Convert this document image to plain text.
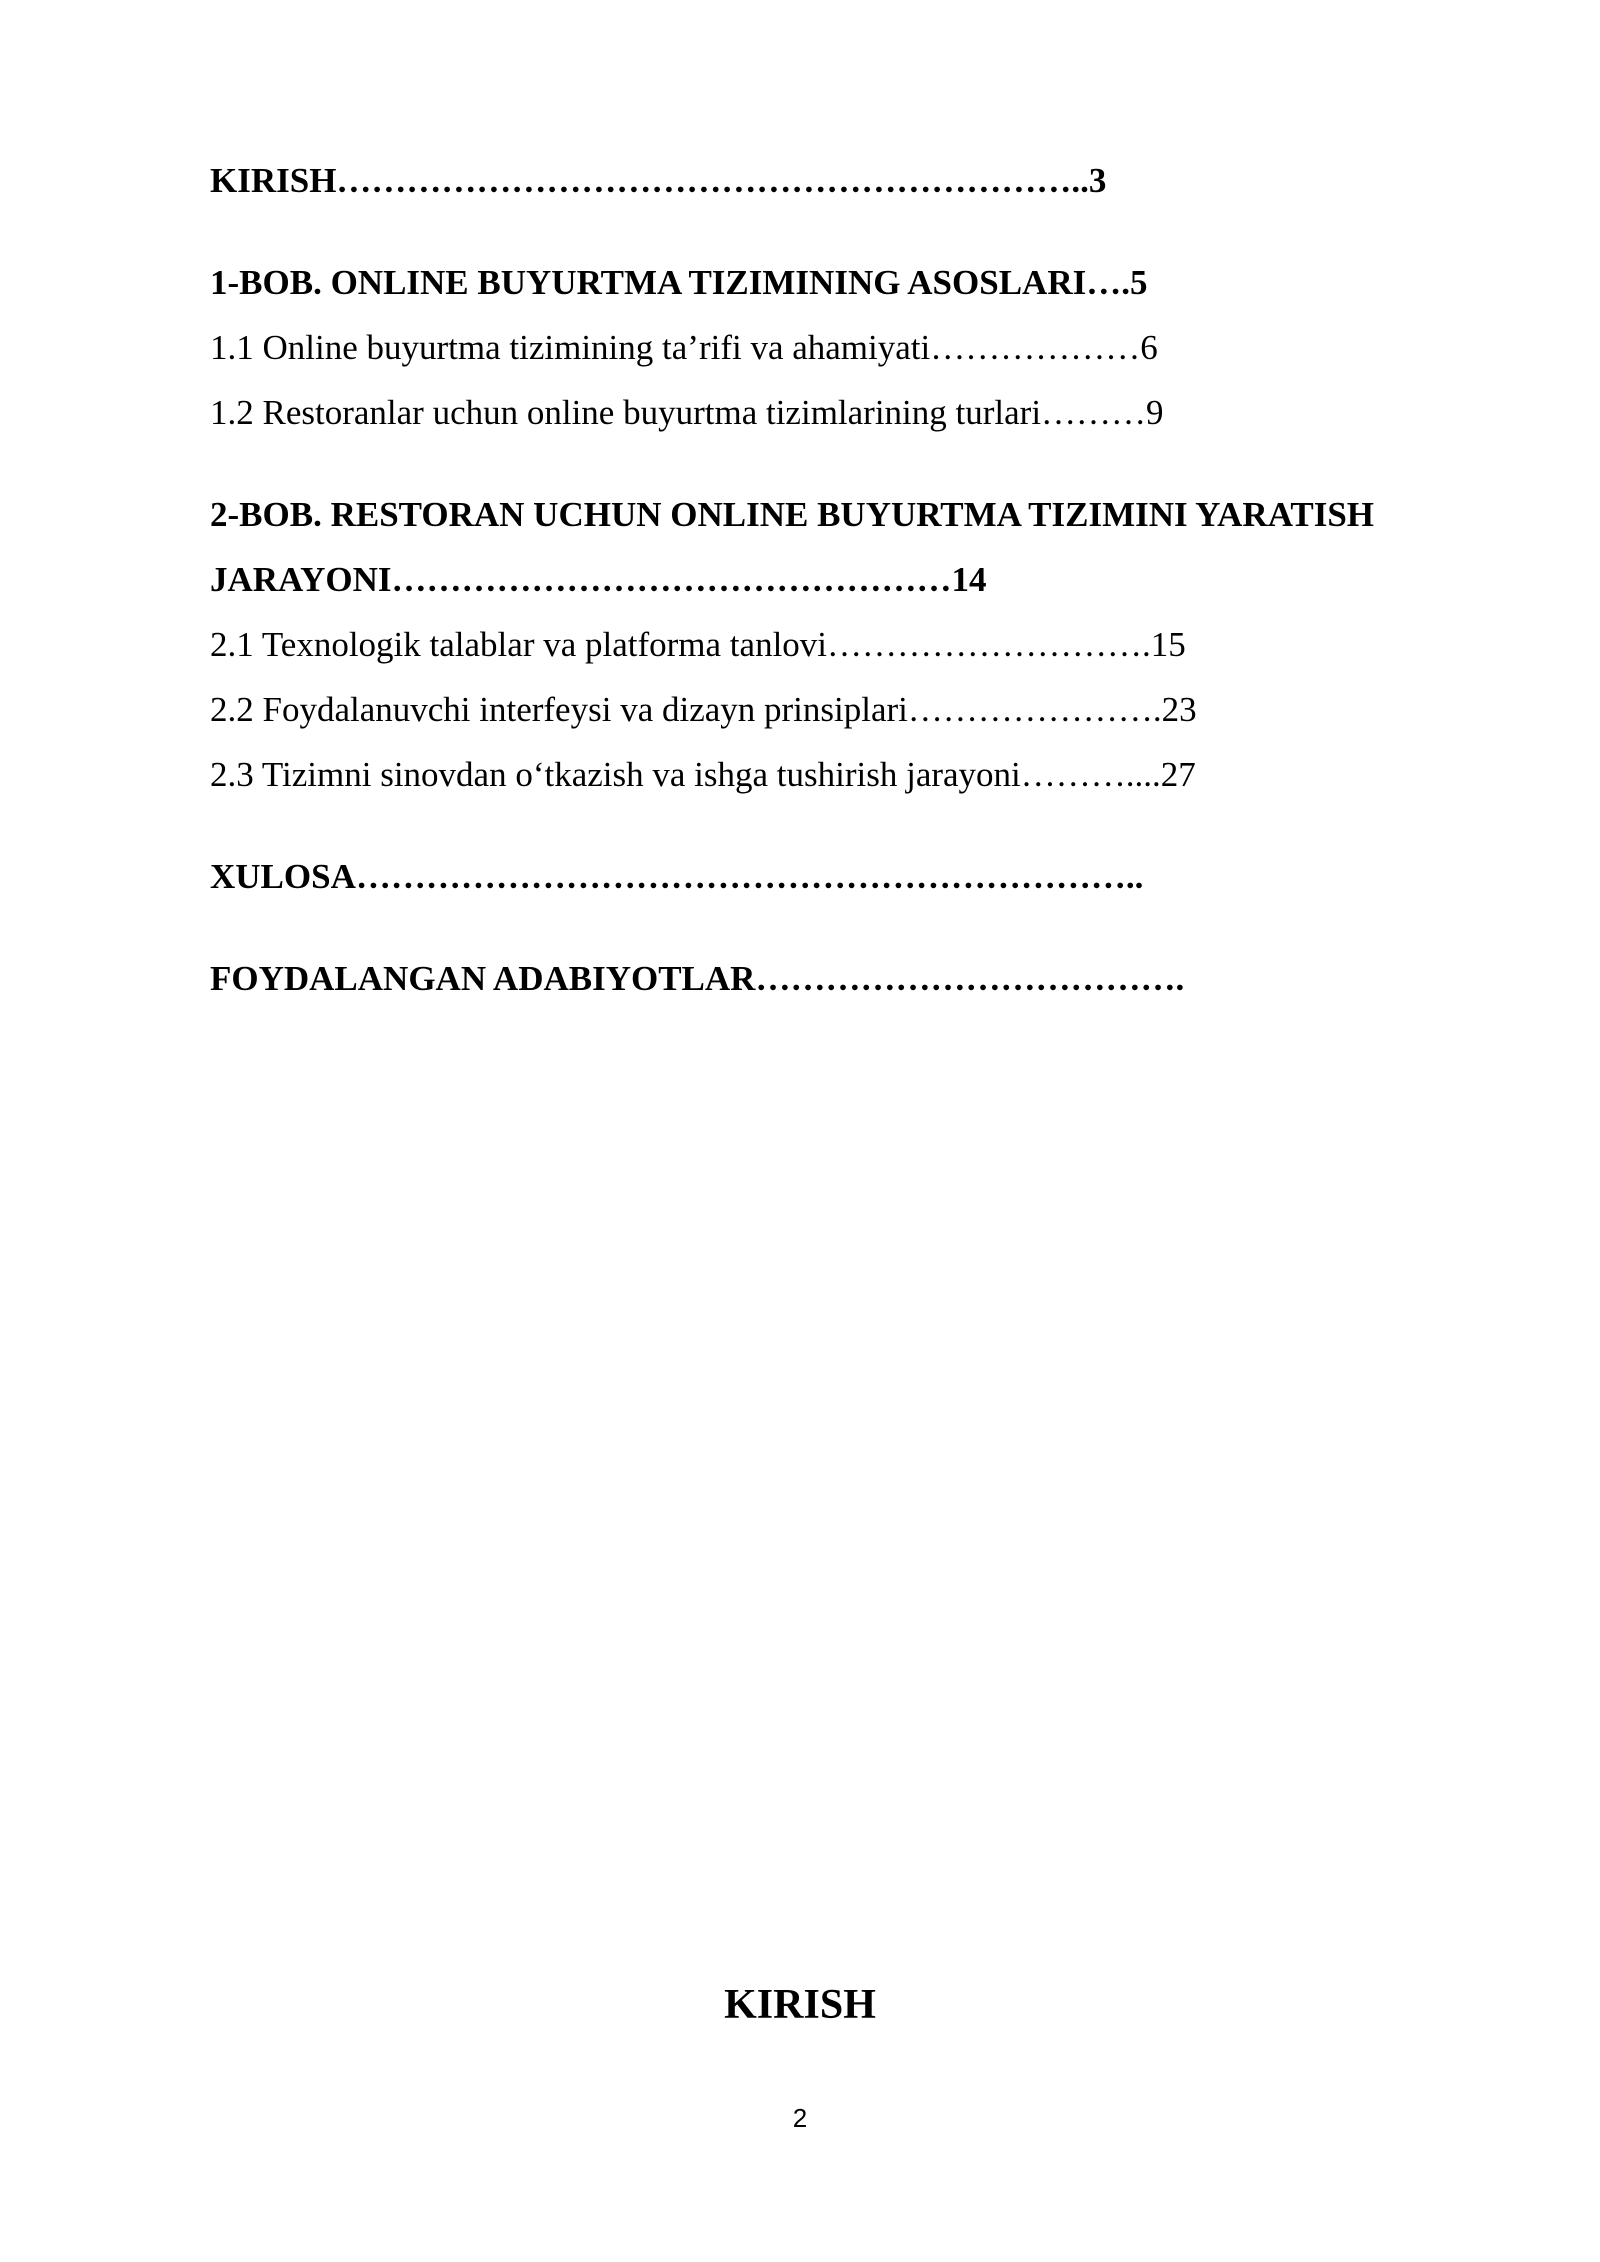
KIRISH………………………………………………………..3
1-BOB. ONLINE BUYURTMA TIZIMINING ASOSLARI….5
1.1 Online buyurtma tizimining ta’rifi va ahamiyati………………6
1.2 Restoranlar uchun online buyurtma tizimlarining turlari………9
2-BOB. RESTORAN UCHUN ONLINE BUYURTMA TIZIMINI YARATISH
JARAYONI…………………………………………14
2.1 Texnologik talablar va platforma tanlovi……………………….15
2.2 Foydalanuvchi interfeysi va dizayn prinsiplari………………….23
2.3 Tizimni sinovdan o‘tkazish va ishga tushirish jarayoni………....27
XULOSA…………………………………………………………..
FOYDALANGAN ADABIYOTLAR……………………………….
KIRISH
2
